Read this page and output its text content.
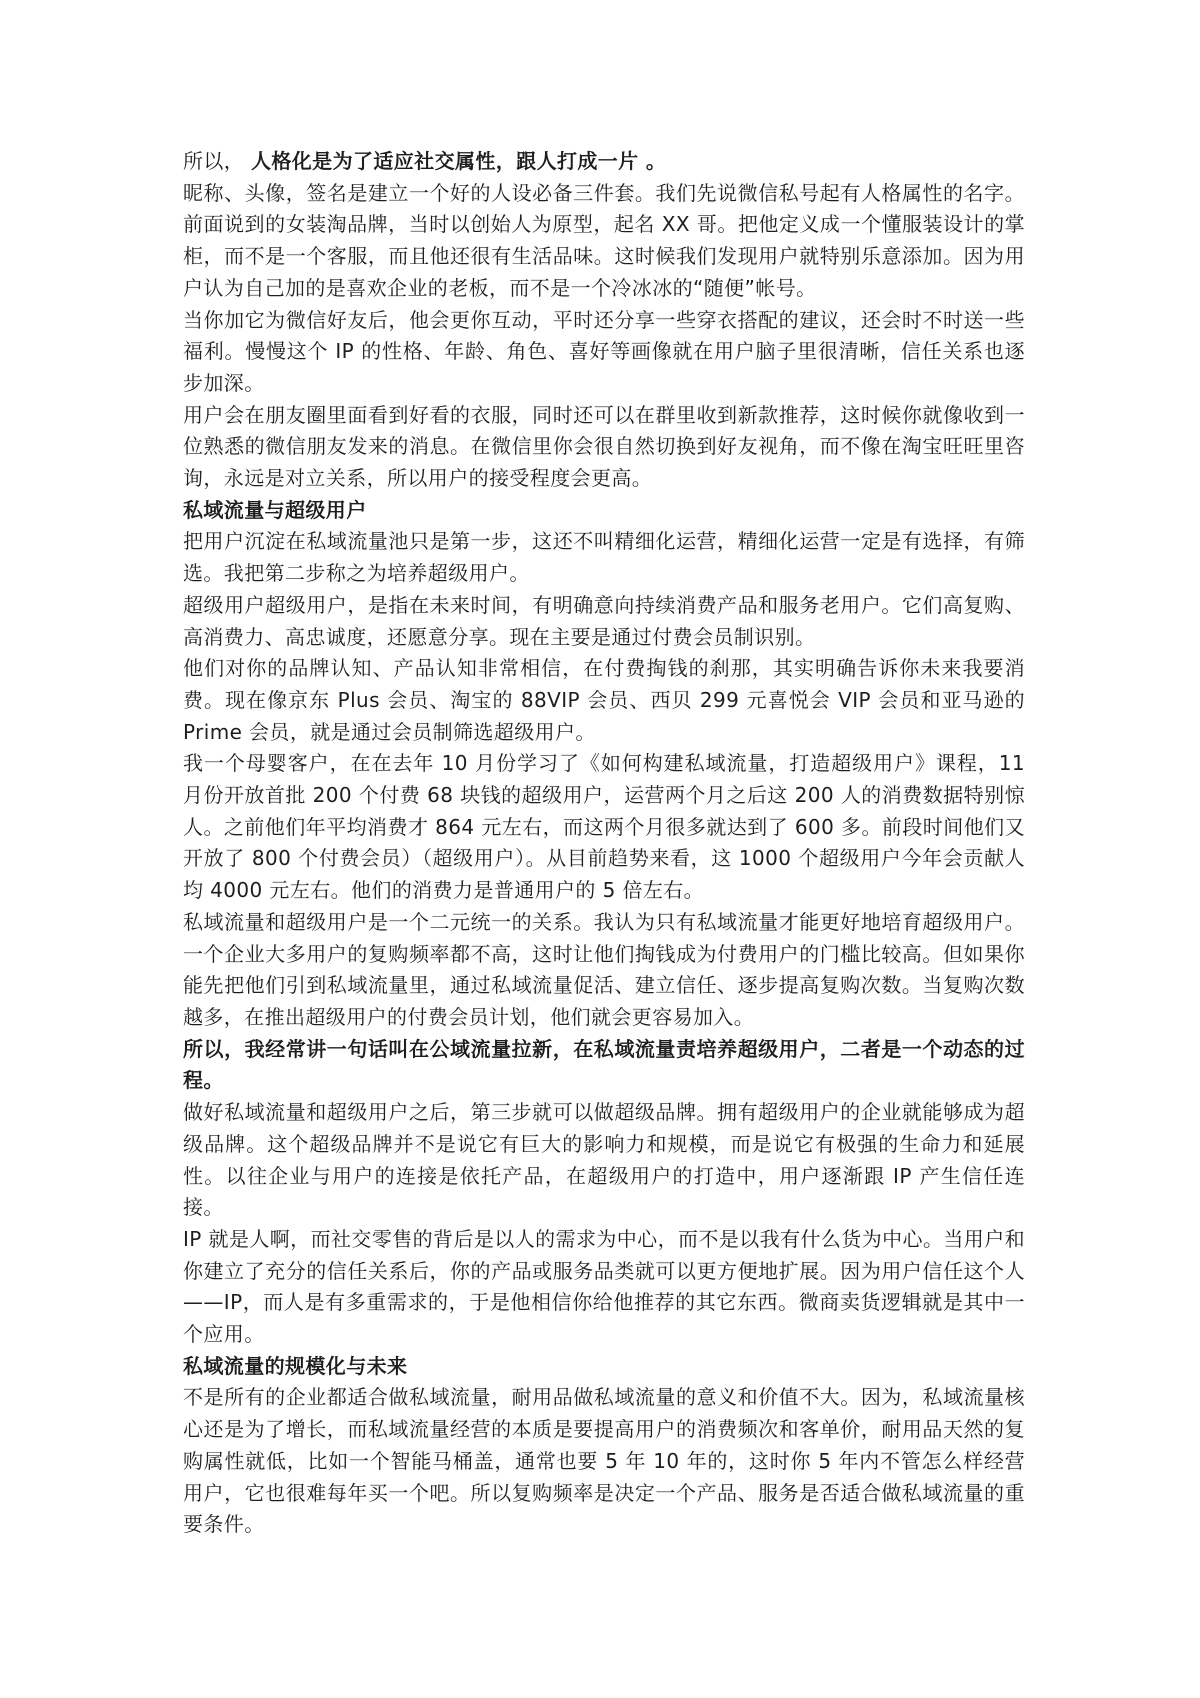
所以， 人格化是为了适应社交属性，跟人打成一片 。

昵称、头像，签名是建立一个好的人设必备三件套。我们先说微信私号起有人格属性的名字。前面说到的女装淘品牌，当时以创始人为原型，起名 XX 哥。把他定义成一个懂服装设计的掌柜，而不是一个客服，而且他还很有生活品味。这时候我们发现用户就特别乐意添加。因为用户认为自己加的是喜欢企业的老板，而不是一个冷冰冰的“随便”帐号。

当你加它为微信好友后，他会更你互动，平时还分享一些穿衣搭配的建议，还会时不时送一些福利。慢慢这个 IP 的性格、年龄、角色、喜好等画像就在用户脑子里很清晰，信任关系也逐步加深。

用户会在朋友圈里面看到好看的衣服，同时还可以在群里收到新款推荐，这时候你就像收到一位熟悉的微信朋友发来的消息。在微信里你会很自然切换到好友视角，而不像在淘宝旺旺里咨询，永远是对立关系，所以用户的接受程度会更高。

私域流量与超级用户

把用户沉淀在私域流量池只是第一步，这还不叫精细化运营，精细化运营一定是有选择，有筛选。我把第二步称之为培养超级用户。

超级用户超级用户，是指在未来时间，有明确意向持续消费产品和服务老用户。它们高复购、高消费力、高忠诚度，还愿意分享。现在主要是通过付费会员制识别。

他们对你的品牌认知、产品认知非常相信，在付费掏钱的刹那，其实明确告诉你未来我要消费。现在像京东 Plus 会员、淘宝的 88VIP 会员、西贝 299 元喜悦会 VIP 会员和亚马逊的 Prime 会员，就是通过会员制筛选超级用户。

我一个母婴客户，在在去年 10 月份学习了《如何构建私域流量，打造超级用户》课程，11 月份开放首批 200 个付费 68 块钱的超级用户，运营两个月之后这 200 人的消费数据特别惊人。之前他们年平均消费才 864 元左右，而这两个月很多就达到了 600 多。前段时间他们又开放了 800 个付费会员）（超级用户）。从目前趋势来看，这 1000 个超级用户今年会贡献人均 4000 元左右。他们的消费力是普通用户的 5 倍左右。

私域流量和超级用户是一个二元统一的关系。我认为只有私域流量才能更好地培育超级用户。一个企业大多用户的复购频率都不高，这时让他们掏钱成为付费用户的门槛比较高。但如果你能先把他们引到私域流量里，通过私域流量促活、建立信任、逐步提高复购次数。当复购次数越多，在推出超级用户的付费会员计划，他们就会更容易加入。

所以，我经常讲一句话叫在公域流量拉新，在私域流量责培养超级用户，二者是一个动态的过程。

做好私域流量和超级用户之后，第三步就可以做超级品牌。拥有超级用户的企业就能够成为超级品牌。这个超级品牌并不是说它有巨大的影响力和规模，而是说它有极强的生命力和延展性。以往企业与用户的连接是依托产品，在超级用户的打造中，用户逐渐跟 IP 产生信任连接。

IP 就是人啊，而社交零售的背后是以人的需求为中心，而不是以我有什么货为中心。当用户和你建立了充分的信任关系后，你的产品或服务品类就可以更方便地扩展。因为用户信任这个人——IP，而人是有多重需求的，于是他相信你给他推荐的其它东西。微商卖货逻辑就是其中一个应用。

私域流量的规模化与未来

不是所有的企业都适合做私域流量，耐用品做私域流量的意义和价值不大。因为，私域流量核心还是为了增长，而私域流量经营的本质是要提高用户的消费频次和客单价，耐用品天然的复购属性就低，比如一个智能马桶盖，通常也要 5 年 10 年的，这时你 5 年内不管怎么样经营用户，它也很难每年买一个吧。所以复购频率是决定一个产品、服务是否适合做私域流量的重要条件。
